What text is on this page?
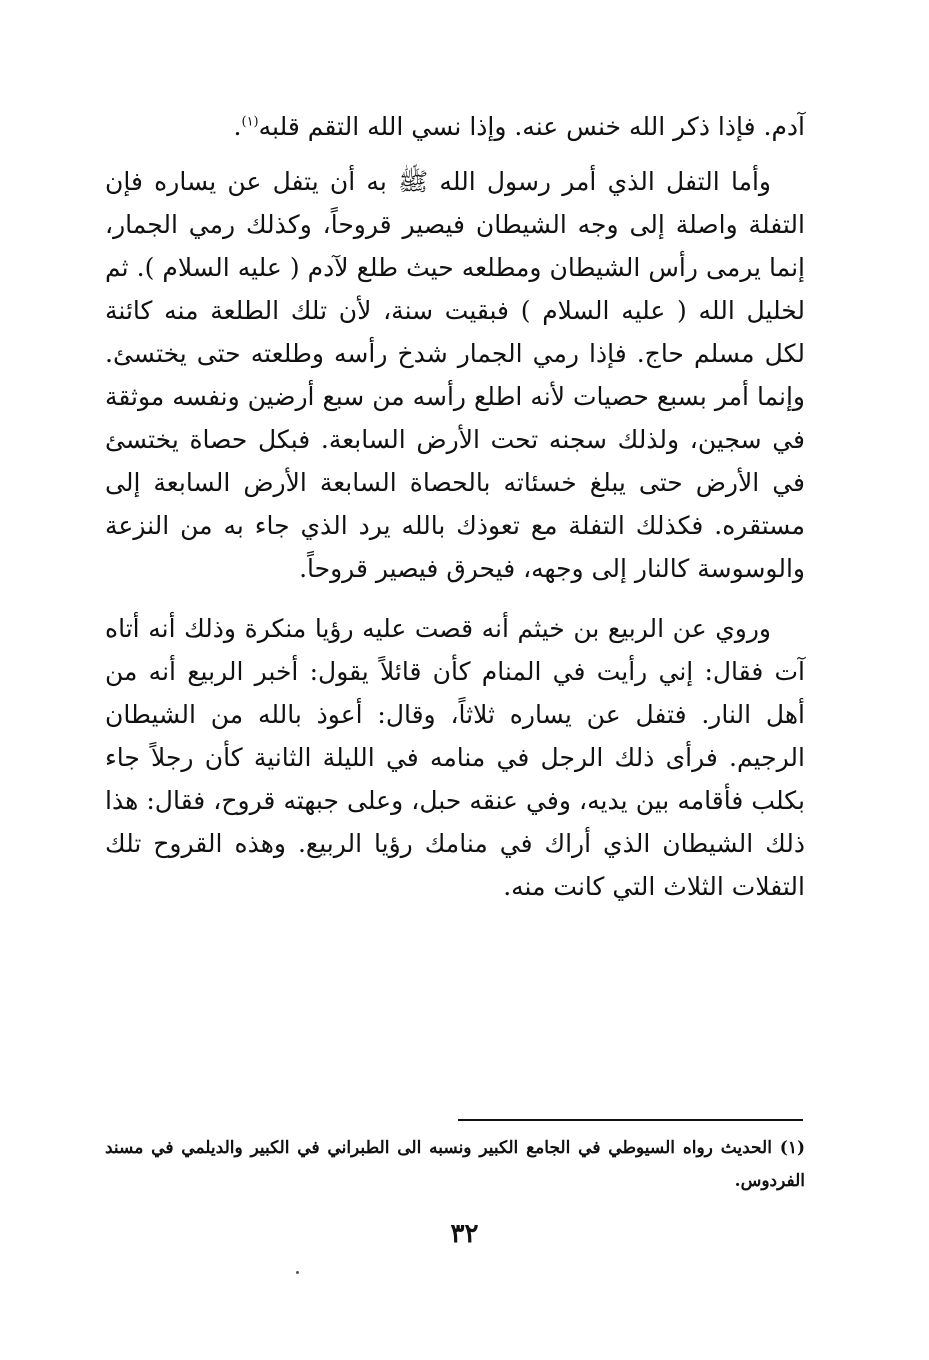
آدم. فإذا ذكر الله خنس عنه. وإذا نسي الله التقم قلبه$^{(١)}$.

وأما التفل الذي أمر رسول الله ﷺ به أن يتفل عن يساره فإن التفلة واصلة إلى وجه الشيطان فيصير قروحاً، وكذلك رمي الجمار، إنما يرمى رأس الشيطان ومطلعه حيث طلع لآدم ( عليه السلام ). ثم لخليل الله ( عليه السلام ) فبقيت سنة، لأن تلك الطلعة منه كائنة لكل مسلم حاج. فإذا رمي الجمار شدخ رأسه وطلعته حتى يختسئ. وإنما أمر بسبع حصيات لأنه اطلع رأسه من سبع أرضين ونفسه موثقة في سجين، ولذلك سجنه تحت الأرض السابعة. فبكل حصاة يختسئ في الأرض حتى يبلغ خسئاته بالحصاة السابعة الأرض السابعة إلى مستقره. فكذلك التفلة مع تعوذك بالله يرد الذي جاء به من النزعة والوسوسة كالنار إلى وجهه، فيحرق فيصير قروحاً.

وروي عن الربيع بن خيثم أنه قصت عليه رؤيا منكرة وذلك أنه أتاه آت فقال: إني رأيت في المنام كأن قائلاً يقول: أخبر الربيع أنه من أهل النار. فتفل عن يساره ثلاثاً، وقال: أعوذ بالله من الشيطان الرجيم. فرأى ذلك الرجل في منامه في الليلة الثانية كأن رجلاً جاء بكلب فأقامه بين يديه، وفي عنقه حبل، وعلى جبهته قروح، فقال: هذا ذلك الشيطان الذي أراك في منامك رؤيا الربيع. وهذه القروح تلك التفلات الثلاث التي كانت منه.

(١) الحديث رواه السيوطي في الجامع الكبير ونسبه الى الطبراني في الكبير والديلمي في مسند الفردوس.

٣٢
